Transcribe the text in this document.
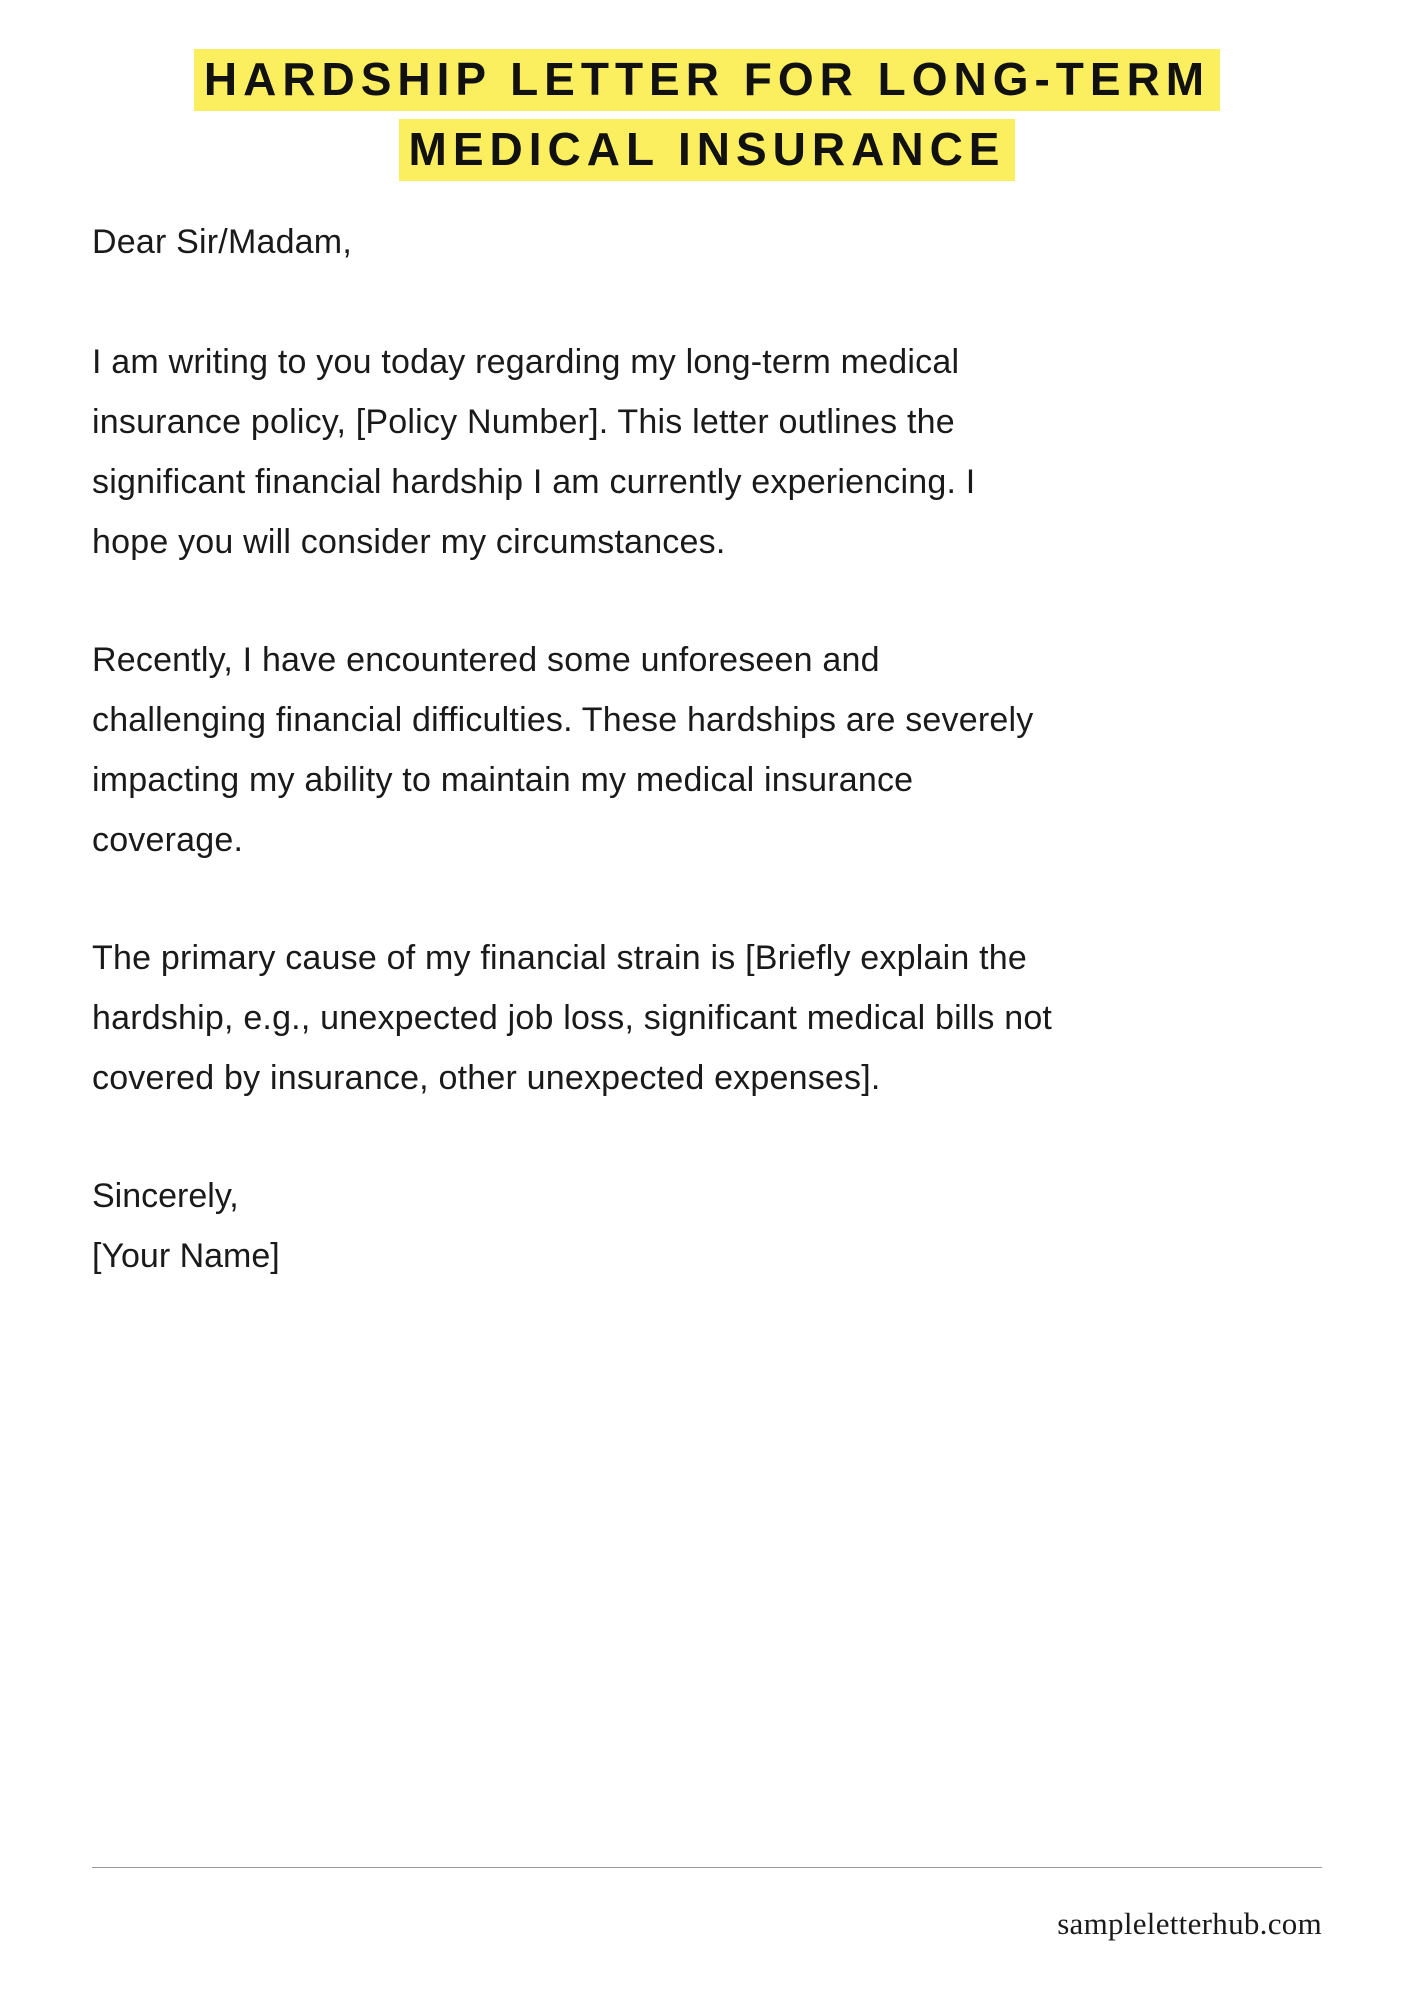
HARDSHIP LETTER FOR LONG-TERM
MEDICAL INSURANCE

Dear Sir/Madam,

I am writing to you today regarding my long-term medical insurance policy, [Policy Number]. This letter outlines the significant financial hardship I am currently experiencing. I hope you will consider my circumstances.

Recently, I have encountered some unforeseen and challenging financial difficulties. These hardships are severely impacting my ability to maintain my medical insurance coverage.

The primary cause of my financial strain is [Briefly explain the hardship, e.g., unexpected job loss, significant medical bills not covered by insurance, other unexpected expenses].

Sincerely,

[Your Name]

sampleletterhub.com
